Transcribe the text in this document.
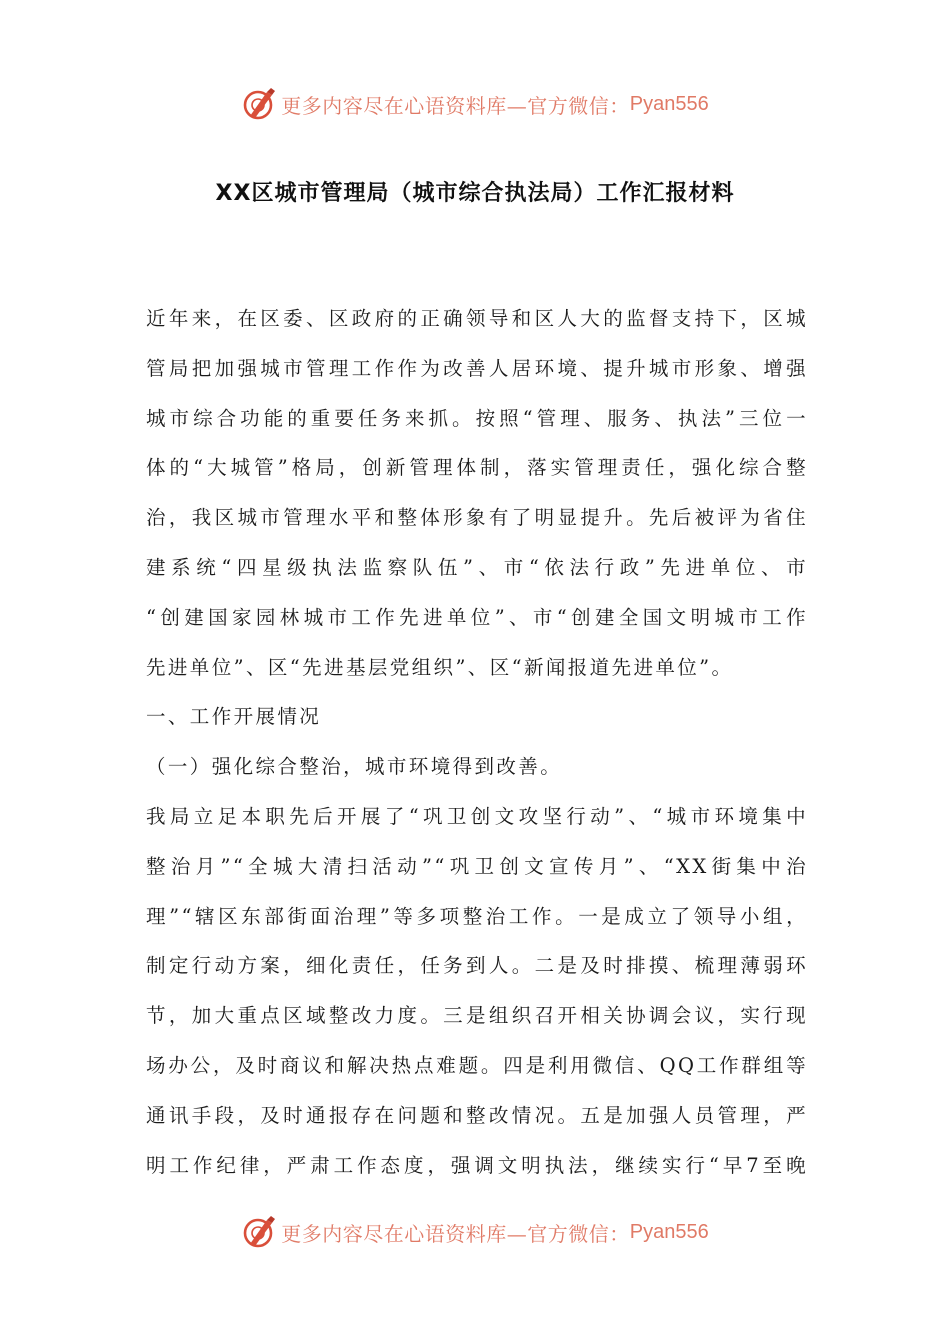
更多内容尽在心语资料库—官方微信： Pyan556
XX区城市管理局（城市综合执法局）工作汇报材料

近年来，在区委、区政府的正确领导和区人大的监督支持下，区城
管局把加强城市管理工作作为改善人居环境、提升城市形象、增强
城市综合功能的重要任务来抓。按照“管理、服务、执法”三位一
体的“大城管”格局，创新管理体制，落实管理责任，强化综合整
治，我区城市管理水平和整体形象有了明显提升。先后被评为省住
建系统“四星级执法监察队伍”、市“依法行政”先进单位、市
“创建国家园林城市工作先进单位”、市“创建全国文明城市工作
先进单位”、区“先进基层党组织”、区“新闻报道先进单位”。

一、工作开展情况

（一）强化综合整治，城市环境得到改善。

我局立足本职先后开展了“巩卫创文攻坚行动”、“城市环境集中
整治月”“全城大清扫活动”“巩卫创文宣传月”、“XX街集中治
理”“辖区东部街面治理”等多项整治工作。一是成立了领导小组，
制定行动方案，细化责任，任务到人。二是及时排摸、梳理薄弱环
节，加大重点区域整改力度。三是组织召开相关协调会议，实行现
场办公，及时商议和解决热点难题。四是利用微信、QQ工作群组等
通讯手段，及时通报存在问题和整改情况。五是加强人员管理，严
明工作纪律，严肃工作态度，强调文明执法，继续实行“早7至晚

更多内容尽在心语资料库—官方微信： Pyan556
